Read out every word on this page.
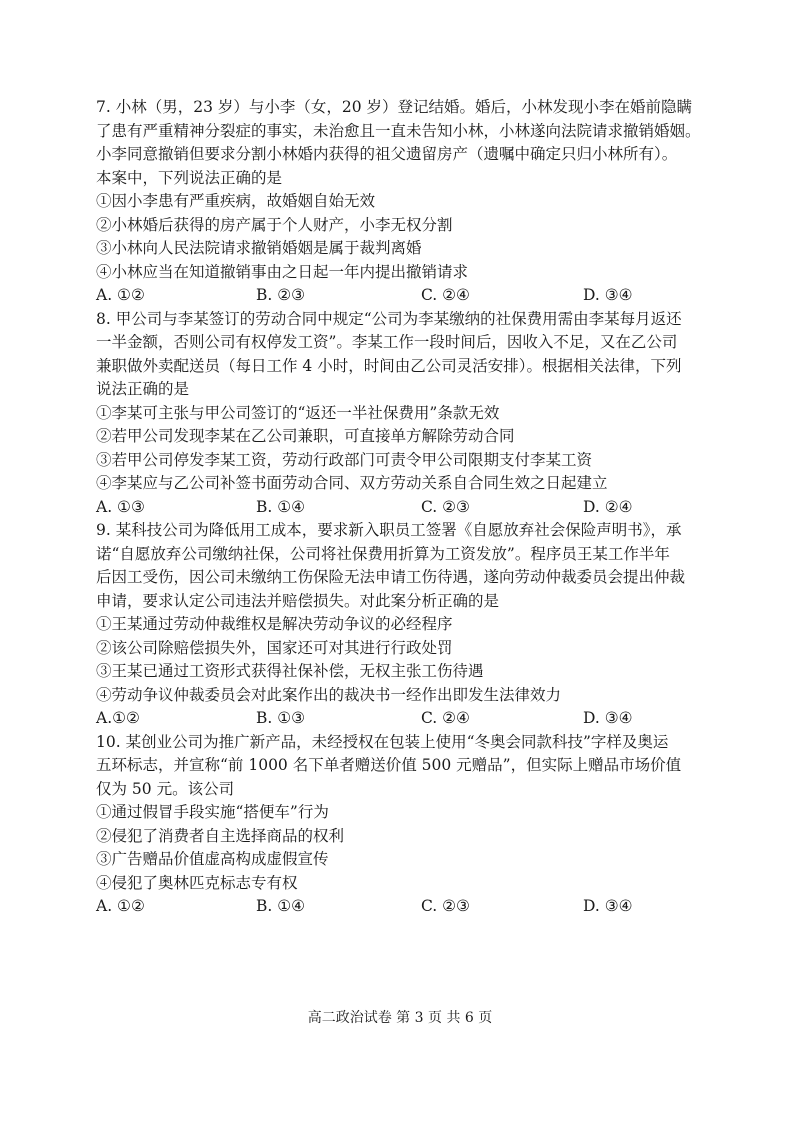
7. 小林（男，23 岁）与小李（女，20 岁）登记结婚。婚后，小林发现小李在婚前隐瞒
了患有严重精神分裂症的事实，未治愈且一直未告知小林，小林遂向法院请求撤销婚姻。
小李同意撤销但要求分割小林婚内获得的祖父遗留房产（遗嘱中确定只归小林所有）。
本案中，下列说法正确的是
①因小李患有严重疾病，故婚姻自始无效
②小林婚后获得的房产属于个人财产，小李无权分割
③小林向人民法院请求撤销婚姻是属于裁判离婚
④小林应当在知道撤销事由之日起一年内提出撤销请求
A. ①②	B. ②③	C. ②④	D. ③④
8. 甲公司与李某签订的劳动合同中规定“公司为李某缴纳的社保费用需由李某每月返还
一半金额，否则公司有权停发工资”。李某工作一段时间后，因收入不足，又在乙公司
兼职做外卖配送员（每日工作 4 小时，时间由乙公司灵活安排）。根据相关法律，下列
说法正确的是
①李某可主张与甲公司签订的“返还一半社保费用”条款无效
②若甲公司发现李某在乙公司兼职，可直接单方解除劳动合同
③若甲公司停发李某工资，劳动行政部门可责令甲公司限期支付李某工资
④李某应与乙公司补签书面劳动合同、双方劳动关系自合同生效之日起建立
A. ①③	B. ①④	C. ②③	D. ②④
9. 某科技公司为降低用工成本，要求新入职员工签署《自愿放弃社会保险声明书》，承
诺“自愿放弃公司缴纳社保，公司将社保费用折算为工资发放”。程序员王某工作半年
后因工受伤，因公司未缴纳工伤保险无法申请工伤待遇，遂向劳动仲裁委员会提出仲裁
申请，要求认定公司违法并赔偿损失。对此案分析正确的是
①王某通过劳动仲裁维权是解决劳动争议的必经程序
②该公司除赔偿损失外，国家还可对其进行行政处罚
③王某已通过工资形式获得社保补偿，无权主张工伤待遇
④劳动争议仲裁委员会对此案作出的裁决书一经作出即发生法律效力
A.①②	B. ①③	C. ②④	D. ③④
10. 某创业公司为推广新产品，未经授权在包装上使用“冬奥会同款科技”字样及奥运
五环标志，并宣称“前 1000 名下单者赠送价值 500 元赠品”，但实际上赠品市场价值
仅为 50 元。该公司
①通过假冒手段实施“搭便车”行为
②侵犯了消费者自主选择商品的权利
③广告赠品价值虚高构成虚假宣传
④侵犯了奥林匹克标志专有权
A. ①②	B. ①④	C. ②③	D. ③④
高二政治试卷 第 3 页 共 6 页
